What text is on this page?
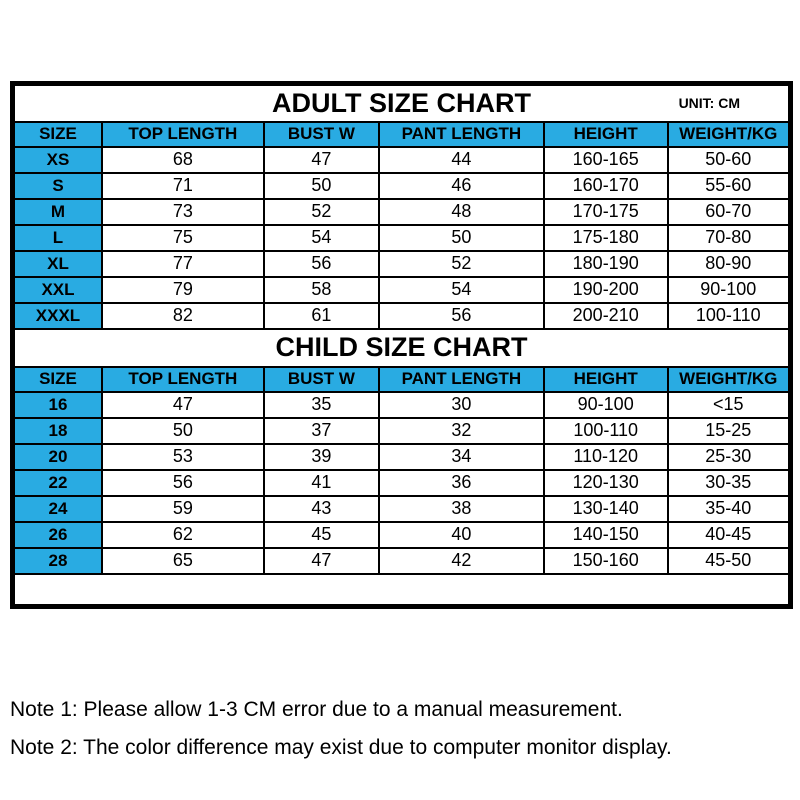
ADULT SIZE CHART UNIT: CM					

SIZE	TOP LENGTH	BUST W	PANT LENGTH	HEIGHT	WEIGHT/KG
XS	68	47	44	160-165	50-60
S	71	50	46	160-170	55-60
M	73	52	48	170-175	60-70
L	75	54	50	175-180	70-80
XL	77	56	52	180-190	80-90
XXL	79	58	54	190-200	90-100
XXXL	82	61	56	200-210	100-110
CHILD SIZE CHART					
SIZE	TOP LENGTH	BUST W	PANT LENGTH	HEIGHT	WEIGHT/KG
16	47	35	30	90-100	<15
18	50	37	32	100-110	15-25
20	53	39	34	110-120	25-30
22	56	41	36	120-130	30-35
24	59	43	38	130-140	35-40
26	62	45	40	140-150	40-45
28	65	47	42	150-160	45-50

Note 1: Please allow 1-3 CM error due to a manual measurement.

Note 2: The color difference may exist due to computer monitor display.
